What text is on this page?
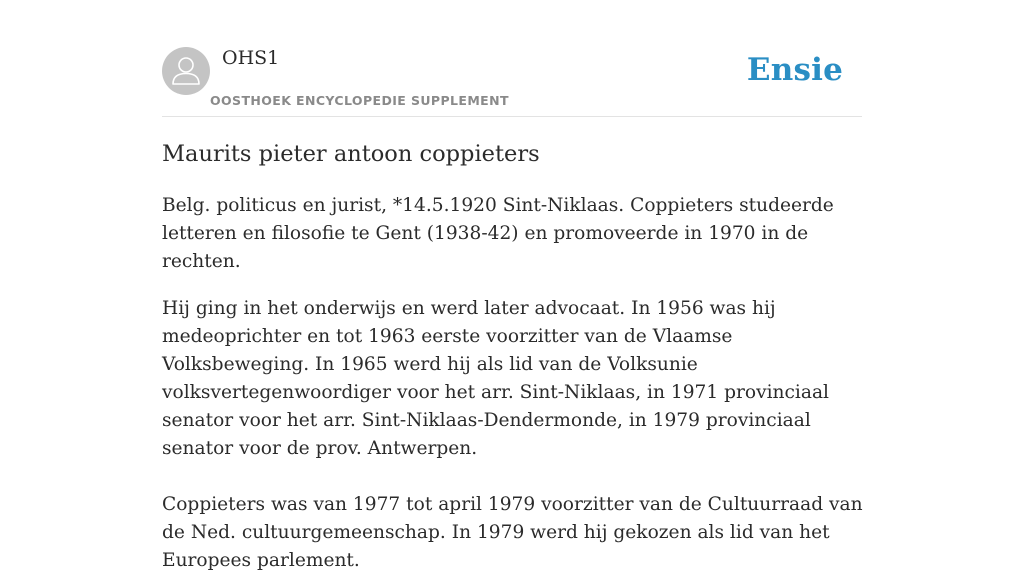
OHS1
OOSTHOEK ENCYCLOPEDIE SUPPLEMENT
Ensie
Maurits pieter antoon coppieters

Belg. politicus en jurist, *14.5.1920 Sint-Niklaas. Coppieters studeerde letteren en filosofie te Gent (1938-42) en promoveerde in 1970 in de rechten.

Hij ging in het onderwijs en werd later advocaat. In 1956 was hij medeoprichter en tot 1963 eerste voorzitter van de Vlaamse Volksbeweging. In 1965 werd hij als lid van de Volksunie volksvertegenwoordiger voor het arr. Sint-Niklaas, in 1971 provinciaal senator voor het arr. Sint-Niklaas-Dendermonde, in 1979 provinciaal senator voor de prov. Antwerpen.

Coppieters was van 1977 tot april 1979 voorzitter van de Cultuurraad van de Ned. cultuurgemeenschap. In 1979 werd hij gekozen als lid van het Europees parlement.
